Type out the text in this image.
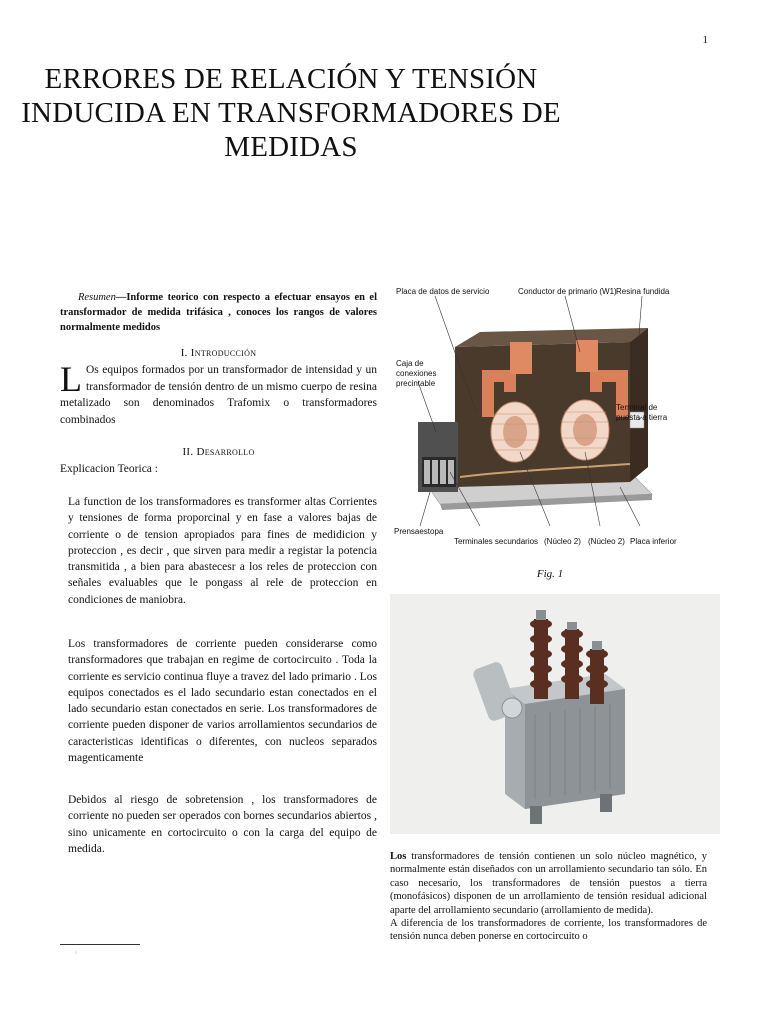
1
ERRORES DE RELACIÓN Y TENSIÓN
INDUCIDA EN TRANSFORMADORES DE
MEDIDAS
Resumen—Informe teorico con respecto a efectuar ensayos en el transformador de medida trifásica , conoces los rangos de valores normalmente medidos
I. Introducción
L Os equipos formados por un transformador de intensidad y un transformador de tensión dentro de un mismo cuerpo de resina metalizado son denominados Trafomix o transformadores combinados
II. Desarrollo
Explicacion Teorica :
La function de los transformadores es transformer altas Corrientes y tensiones de forma proporcinal y en fase a valores bajas de corriente o de tension apropiados para fines de medidicion y proteccion , es decir , que sirven para medir a registar la potencia transmitida , a bien para abastecesr a los reles de proteccion con señales evaluables que le pongass al rele de proteccion en condiciones de maniobra.
Los transformadores de corriente pueden considerarse como transformadores que trabajan en regime de cortocircuito . Toda la corriente es servicio continua fluye a travez del lado primario . Los equipos conectados es el lado secundario estan conectados en el lado secundario estan conectados en serie. Los transformadores de corriente pueden disponer de varios arrollamientos secundarios de caracteristicas identificas o diferentes, con nucleos separados magenticamente
Debidos al riesgo de sobretension , los transformadores de corriente no pueden ser operados con bornes secundarios abiertos , sino unicamente en cortocircuito o con la carga del equipo de medida.
¹
Placa de datos de servicio	Conductor de primario (W1) Resina fundida
Caja de
conexiones
precintable
Terminal de
puesta a tierra
Prensaestopa
Terminales secundarios (Núcleo 2) (Núcleo 2) Placa inferior
Fig. 1
Los transformadores de tensión contienen un solo núcleo magnético, y normalmente están diseñados con un arrollamiento secundario tan sólo. En caso necesario, los transformadores de tensión puestos a tierra (monofásicos) disponen de un arrollamiento de tensión residual adicional aparte del arrollamiento secundario (arrollamiento de medida).
A diferencia de los transformadores de corriente, los transformadores de tensión nunca deben ponerse en cortocircuito o
